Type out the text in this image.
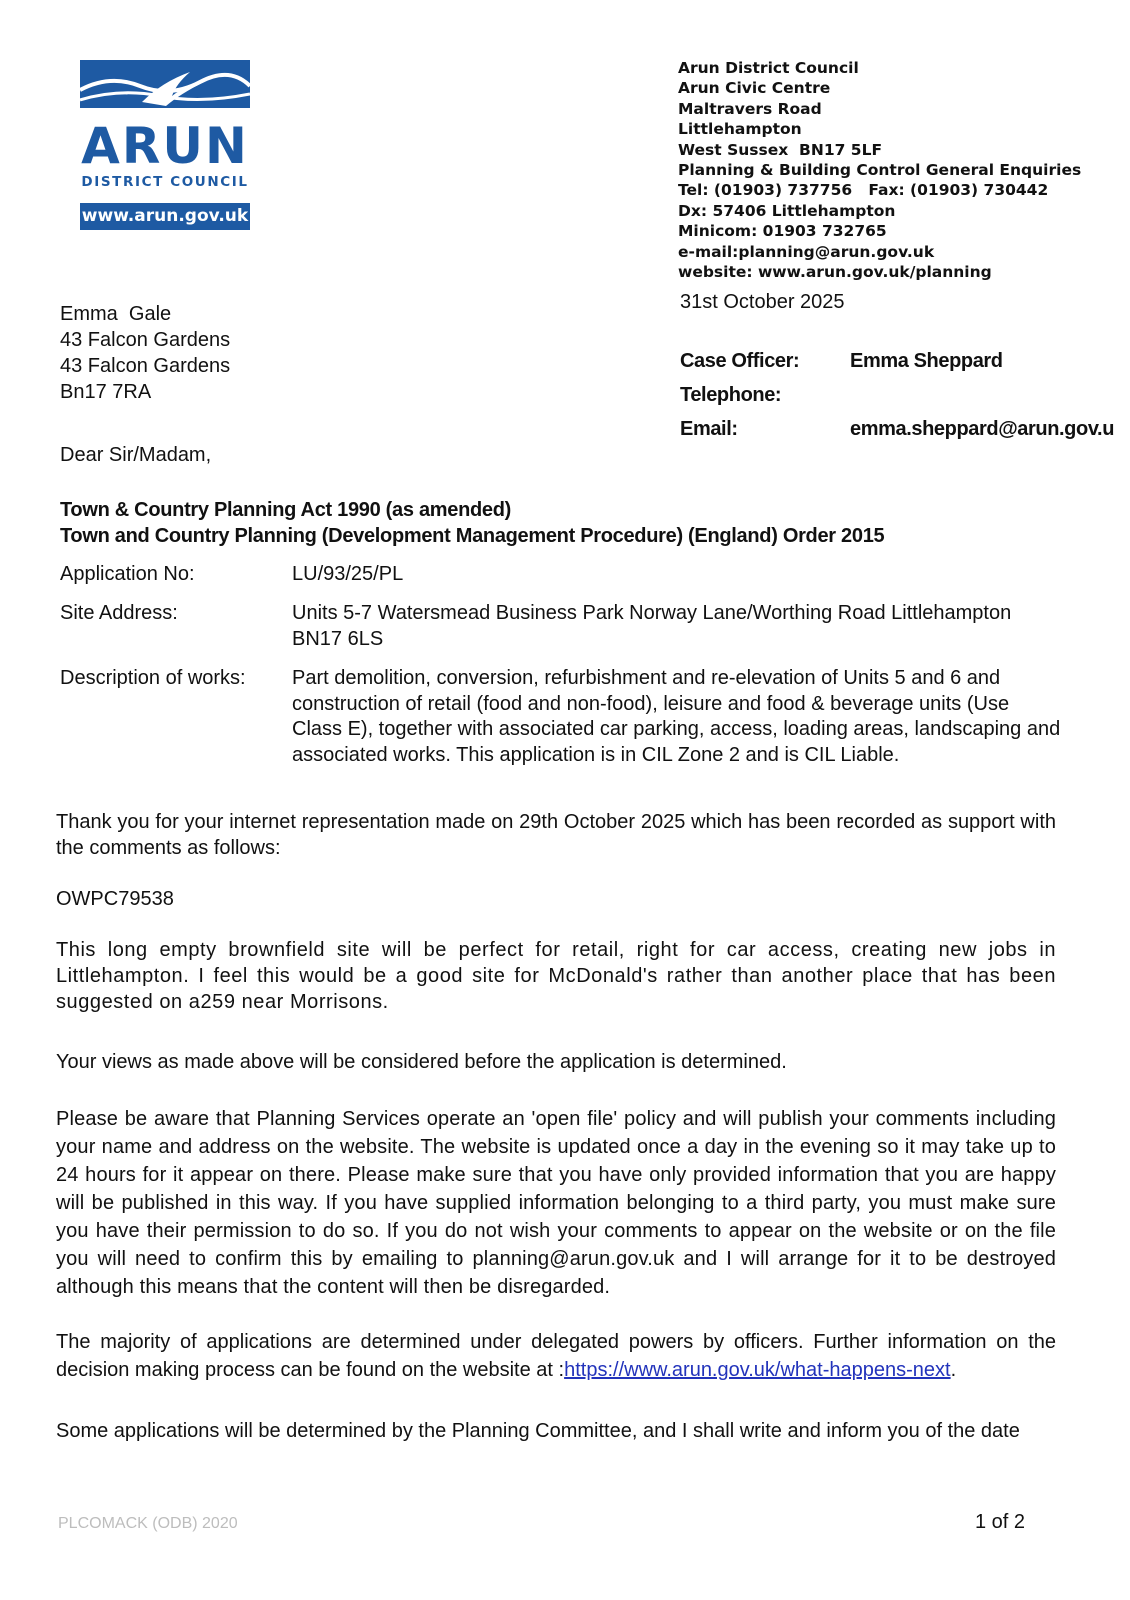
ARUN
DISTRICT COUNCIL
www.arun.gov.uk
Arun District Council
Arun Civic Centre
Maltravers Road
Littlehampton
West Sussex  BN17 5LF
Planning & Building Control General Enquiries
Tel: (01903) 737756   Fax: (01903) 730442
Dx: 57406 Littlehampton
Minicom: 01903 732765
e-mail:planning@arun.gov.uk
website: www.arun.gov.uk/planning
31st October 2025
Emma  Gale
43 Falcon Gardens
43 Falcon Gardens
Bn17 7RA
Case Officer:	Emma Sheppard
Telephone:
Email:	emma.sheppard@arun.gov.u
Dear Sir/Madam,
Town & Country Planning Act 1990 (as amended)
Town and Country Planning (Development Management Procedure) (England) Order 2015
Application No:	LU/93/25/PL
Site Address:	Units 5-7 Watersmead Business Park Norway Lane/Worthing Road Littlehampton BN17 6LS
Description of works: Part demolition, conversion, refurbishment and re-elevation of Units 5 and 6 and construction of retail (food and non-food), leisure and food & beverage units (Use Class E), together with associated car parking, access, loading areas, landscaping and associated works. This application is in CIL Zone 2 and is CIL Liable.
Thank you for your internet representation made on 29th October 2025 which has been recorded as support with the comments as follows:
OWPC79538
This long empty brownfield site will be perfect for retail, right for car access, creating new jobs in Littlehampton. I feel this would be a good site for McDonald's rather than another place that has been suggested on a259 near Morrisons.
Your views as made above will be considered before the application is determined.
Please be aware that Planning Services operate an 'open file' policy and will publish your comments including your name and address on the website. The website is updated once a day in the evening so it may take up to 24 hours for it appear on there. Please make sure that you have only provided information that you are happy will be published in this way. If you have supplied information belonging to a third party, you must make sure you have their permission to do so. If you do not wish your comments to appear on the website or on the file you will need to confirm this by emailing to planning@arun.gov.uk and I will arrange for it to be destroyed although this means that the content will then be disregarded.
The majority of applications are determined under delegated powers by officers. Further information on the decision making process can be found on the website at :https://www.arun.gov.uk/what-happens-next.
Some applications will be determined by the Planning Committee, and I shall write and inform you of the date
PLCOMACK (ODB) 2020	1 of 2
